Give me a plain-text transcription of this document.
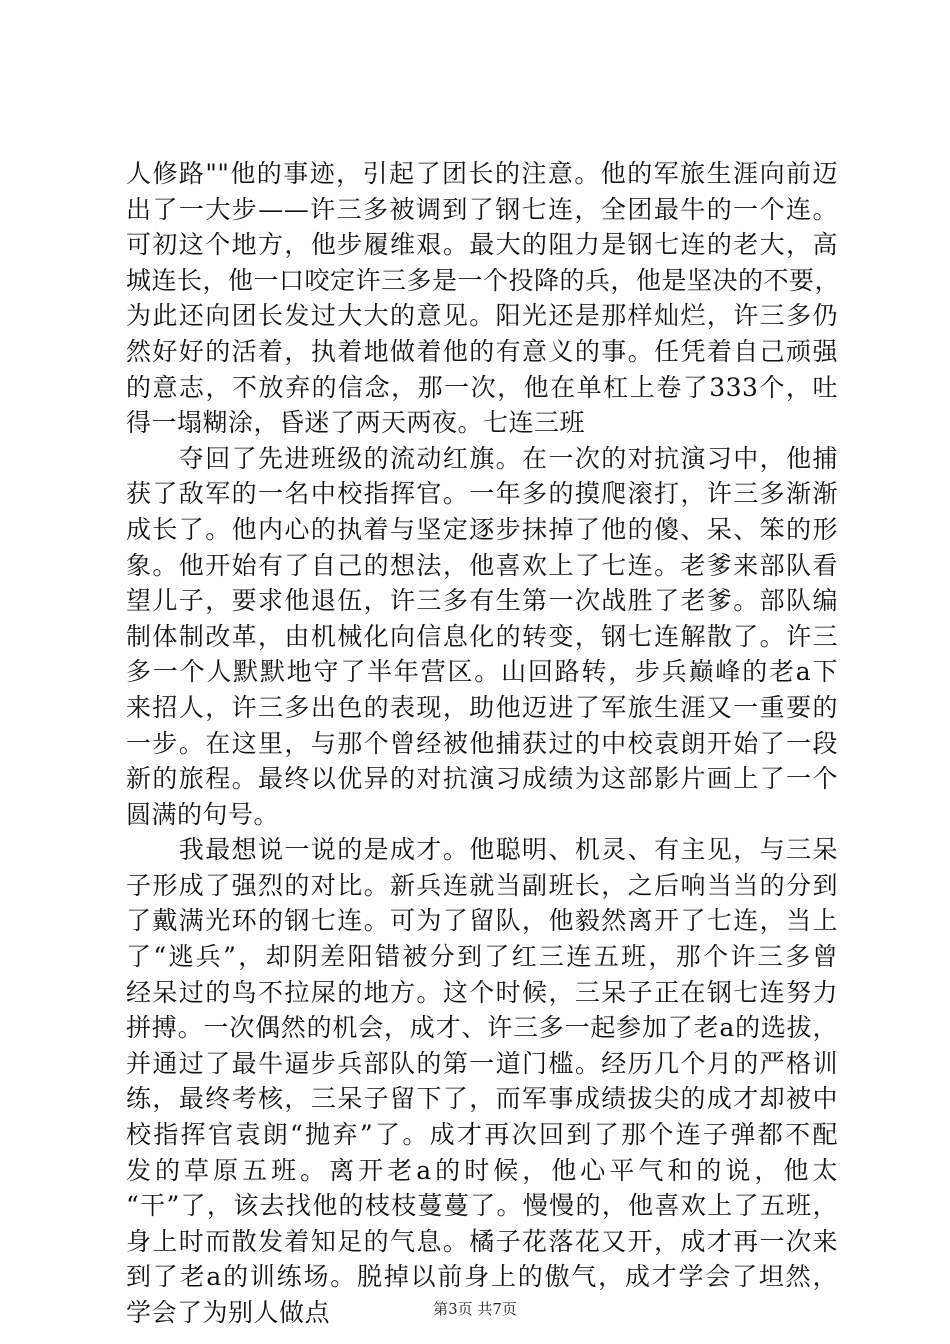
人修路""他的事迹，引起了团长的注意。他的军旅生涯向前迈
出了一大步——许三多被调到了钢七连，全团最牛的一个连。
可初这个地方，他步履维艰。最大的阻力是钢七连的老大，高
城连长，他一口咬定许三多是一个投降的兵，他是坚决的不要，
为此还向团长发过大大的意见。阳光还是那样灿烂，许三多仍
然好好的活着，执着地做着他的有意义的事。任凭着自己顽强
的意志，不放弃的信念，那一次，他在单杠上卷了333个，吐
得一塌糊涂，昏迷了两天两夜。七连三班
　　夺回了先进班级的流动红旗。在一次的对抗演习中，他捕
获了敌军的一名中校指挥官。一年多的摸爬滚打，许三多渐渐
成长了。他内心的执着与坚定逐步抹掉了他的傻、呆、笨的形
象。他开始有了自己的想法，他喜欢上了七连。老爹来部队看
望儿子，要求他退伍，许三多有生第一次战胜了老爹。部队编
制体制改革，由机械化向信息化的转变，钢七连解散了。许三
多一个人默默地守了半年营区。山回路转，步兵巅峰的老a下
来招人，许三多出色的表现，助他迈进了军旅生涯又一重要的
一步。在这里，与那个曾经被他捕获过的中校袁朗开始了一段
新的旅程。最终以优异的对抗演习成绩为这部影片画上了一个
圆满的句号。
　　我最想说一说的是成才。他聪明、机灵、有主见，与三呆
子形成了强烈的对比。新兵连就当副班长，之后响当当的分到
了戴满光环的钢七连。可为了留队，他毅然离开了七连，当上
了“逃兵”，却阴差阳错被分到了红三连五班，那个许三多曾
经呆过的鸟不拉屎的地方。这个时候，三呆子正在钢七连努力
拼搏。一次偶然的机会，成才、许三多一起参加了老a的选拔，
并通过了最牛逼步兵部队的第一道门槛。经历几个月的严格训
练，最终考核，三呆子留下了，而军事成绩拔尖的成才却被中
校指挥官袁朗“抛弃”了。成才再次回到了那个连子弹都不配
发的草原五班。离开老a的时候，他心平气和的说，他太
“干”了，该去找他的枝枝蔓蔓了。慢慢的，他喜欢上了五班，
身上时而散发着知足的气息。橘子花落花又开，成才再一次来
到了老a的训练场。脱掉以前身上的傲气，成才学会了坦然，
学会了为别人做点	第3页 共7页
